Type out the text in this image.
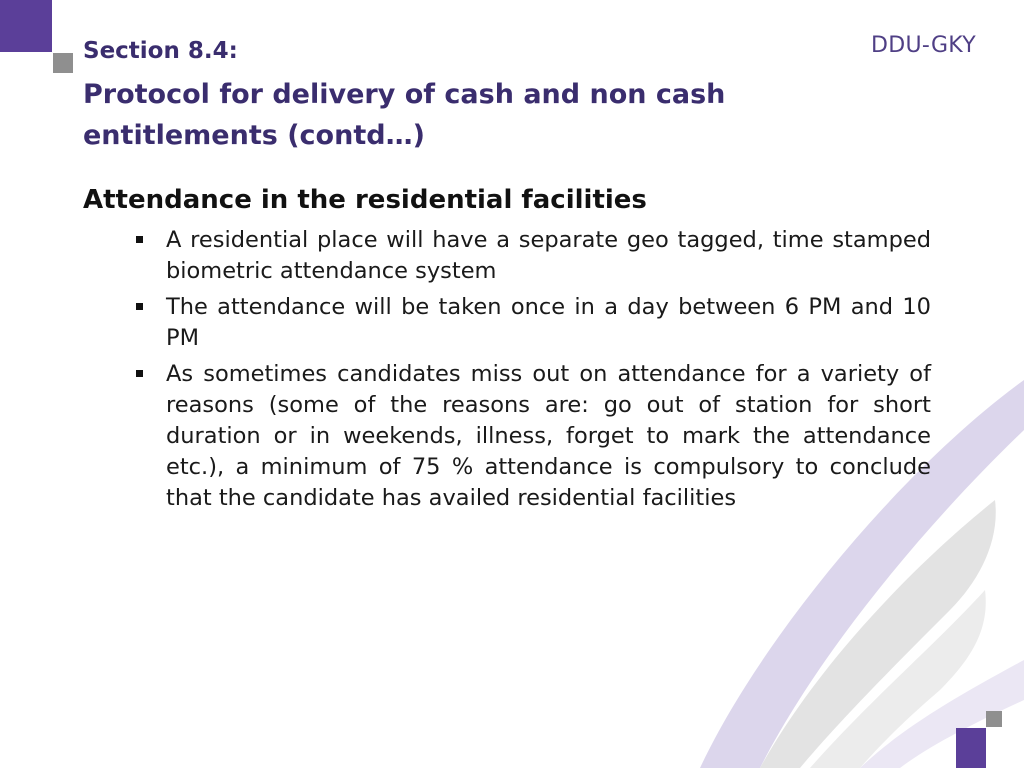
DDU-GKY
Section 8.4:
Protocol for delivery of cash and non cash entitlements (contd…)
Attendance in the residential facilities
A residential place will have a separate geo tagged, time stamped biometric attendance system
The attendance will be taken once in a day between 6 PM and 10 PM
As sometimes candidates miss out on attendance for a variety of reasons (some of the reasons are: go out of station for short duration or in weekends, illness, forget to mark the attendance etc.), a minimum of 75 % attendance is compulsory to conclude that the candidate has availed residential facilities
